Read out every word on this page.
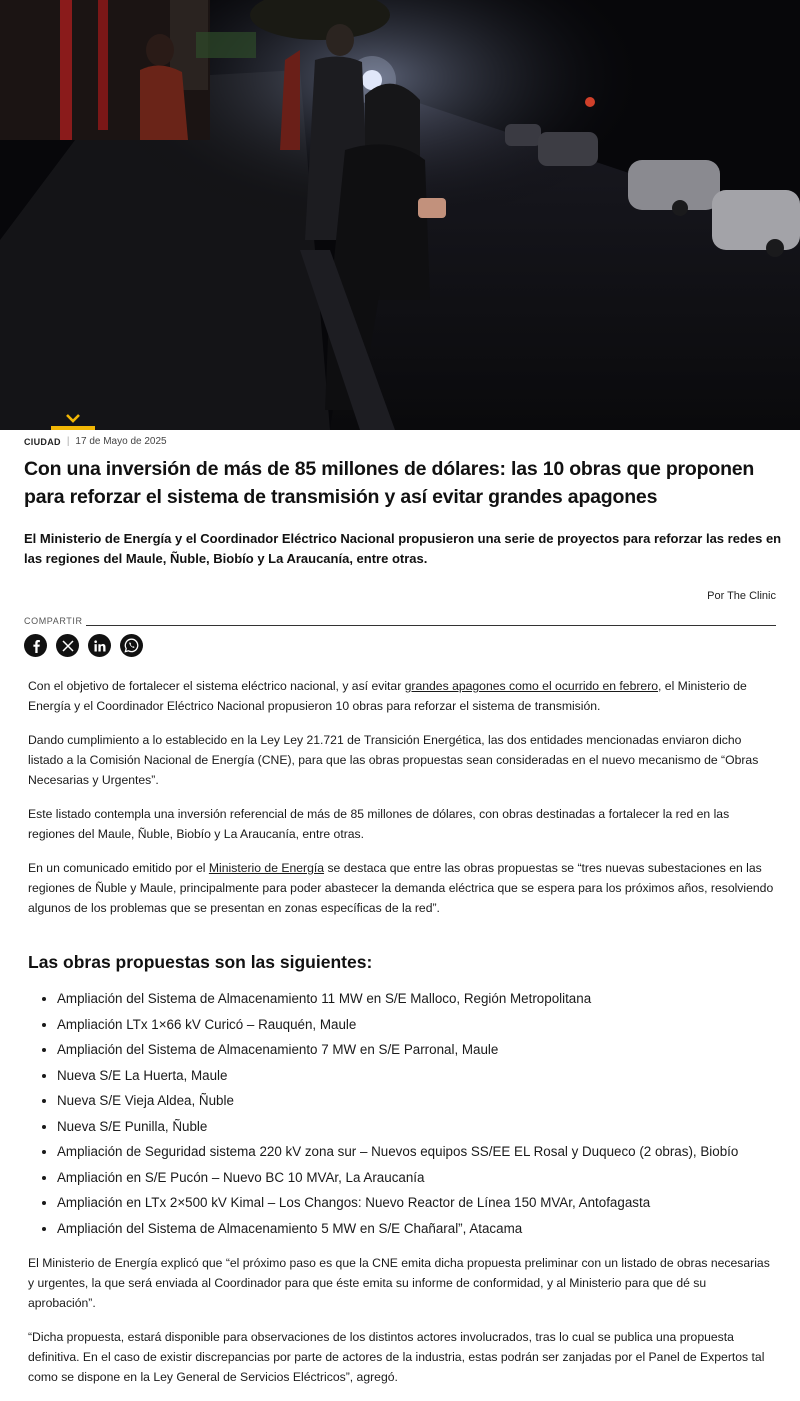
CIUDAD | 17 de Mayo de 2025
Con una inversión de más de 85 millones de dólares: las 10 obras que proponen para reforzar el sistema de transmisión y así evitar grandes apagones

El Ministerio de Energía y el Coordinador Eléctrico Nacional propusieron una serie de proyectos para reforzar las redes en las regiones del Maule, Ñuble, Biobío y La Araucanía, entre otras.

Por The Clinic
COMPARTIR

Con el objetivo de fortalecer el sistema eléctrico nacional, y así evitar grandes apagones como el ocurrido en febrero, el Ministerio de Energía y el Coordinador Eléctrico Nacional propusieron 10 obras para reforzar el sistema de transmisión.

Dando cumplimiento a lo establecido en la Ley Ley 21.721 de Transición Energética, las dos entidades mencionadas enviaron dicho listado a la Comisión Nacional de Energía (CNE), para que las obras propuestas sean consideradas en el nuevo mecanismo de “Obras Necesarias y Urgentes”.

Este listado contempla una inversión referencial de más de 85 millones de dólares, con obras destinadas a fortalecer la red en las regiones del Maule, Ñuble, Biobío y La Araucanía, entre otras.

En un comunicado emitido por el Ministerio de Energía se destaca que entre las obras propuestas se “tres nuevas subestaciones en las regiones de Ñuble y Maule, principalmente para poder abastecer la demanda eléctrica que se espera para los próximos años, resolviendo algunos de los problemas que se presentan en zonas específicas de la red”.

Las obras propuestas son las siguientes:
• Ampliación del Sistema de Almacenamiento 11 MW en S/E Malloco, Región Metropolitana
• Ampliación LTx 1×66 kV Curicó – Rauquén, Maule
• Ampliación del Sistema de Almacenamiento 7 MW en S/E Parronal, Maule
• Nueva S/E La Huerta, Maule
• Nueva S/E Vieja Aldea, Ñuble
• Nueva S/E Punilla, Ñuble
• Ampliación de Seguridad sistema 220 kV zona sur – Nuevos equipos SS/EE EL Rosal y Duqueco (2 obras), Biobío
• Ampliación en S/E Pucón – Nuevo BC 10 MVAr, La Araucanía
• Ampliación en LTx 2×500 kV Kimal – Los Changos: Nuevo Reactor de Línea 150 MVAr, Antofagasta
• Ampliación del Sistema de Almacenamiento 5 MW en S/E Chañaral”, Atacama

El Ministerio de Energía explicó que “el próximo paso es que la CNE emita dicha propuesta preliminar con un listado de obras necesarias y urgentes, la que será enviada al Coordinador para que éste emita su informe de conformidad, y al Ministerio para que dé su aprobación”.

“Dicha propuesta, estará disponible para observaciones de los distintos actores involucrados, tras lo cual se publica una propuesta definitiva. En el caso de existir discrepancias por parte de actores de la industria, estas podrán ser zanjadas por el Panel de Expertos tal como se dispone en la Ley General de Servicios Eléctricos”, agregó.
